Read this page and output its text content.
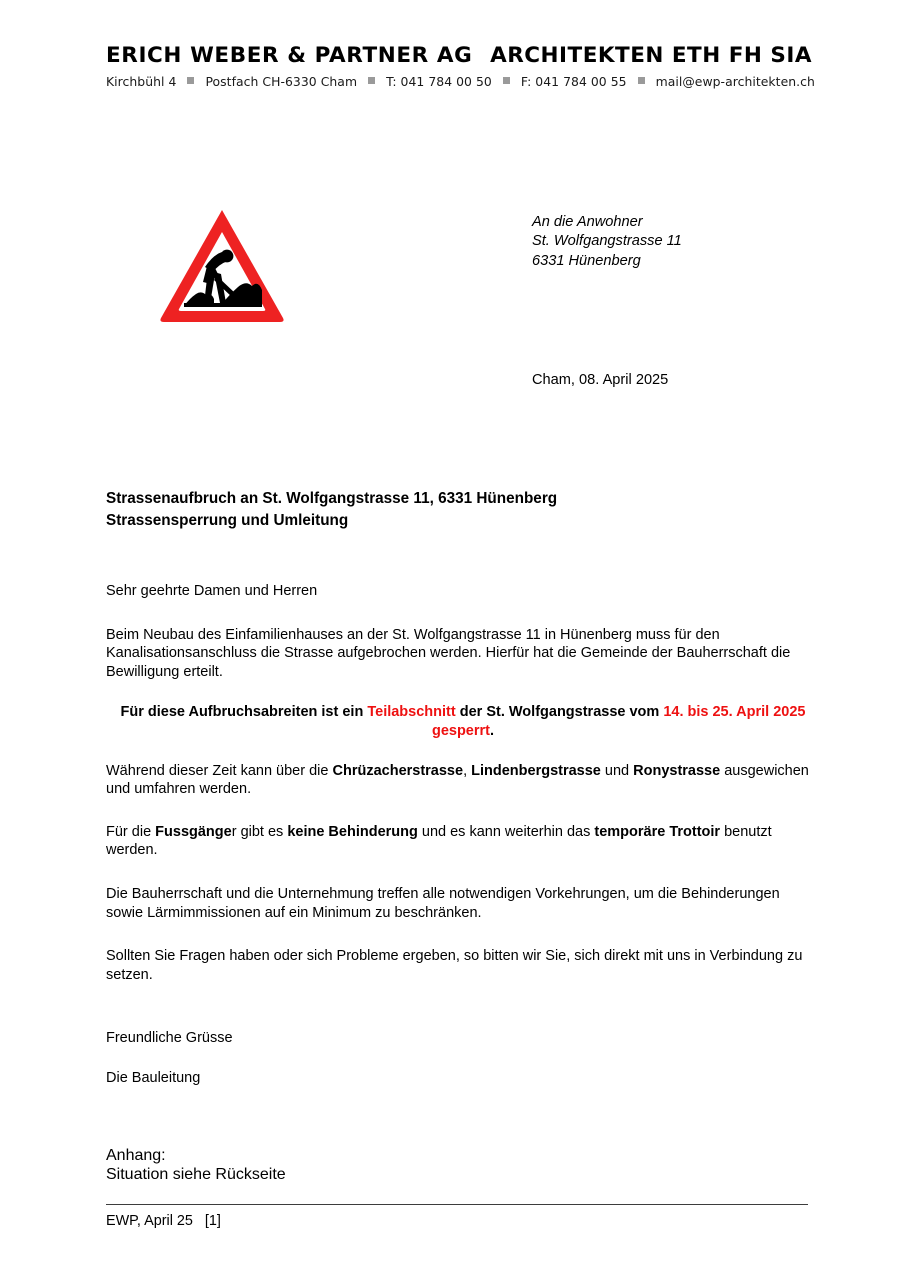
ERICH WEBER & PARTNER AG ARCHITEKTEN ETH FH SIA
Kirchbühl 4 Postfach CH-6330 Cham T: 041 784 00 50 F: 041 784 00 55 mail@ewp-architekten.ch
An die Anwohner
St. Wolfgangstrasse 11
6331 Hünenberg
Cham, 08. April 2025
Strassenaufbruch an St. Wolfgangstrasse 11, 6331 Hünenberg
Strassensperrung und Umleitung

Sehr geehrte Damen und Herren

Beim Neubau des Einfamilienhauses an der St. Wolfgangstrasse 11 in Hünenberg muss für den Kanalisationsanschluss die Strasse aufgebrochen werden. Hierfür hat die Gemeinde der Bauherrschaft die Bewilligung erteilt.

Für diese Aufbruchsabreiten ist ein Teilabschnitt der St. Wolfgangstrasse vom 14. bis 25. April 2025 gesperrt.

Während dieser Zeit kann über die Chrüzacherstrasse, Lindenbergstrasse und Ronystrasse ausgewichen und umfahren werden.

Für die Fussgänger gibt es keine Behinderung und es kann weiterhin das temporäre Trottoir benutzt werden.

Die Bauherrschaft und die Unternehmung treffen alle notwendigen Vorkehrungen, um die Behinderungen sowie Lärmimmissionen auf ein Minimum zu beschränken.

Sollten Sie Fragen haben oder sich Probleme ergeben, so bitten wir Sie, sich direkt mit uns in Verbindung zu setzen.

Freundliche Grüsse

Die Bauleitung

Anhang:
Situation siehe Rückseite
EWP, April 25   [1]
